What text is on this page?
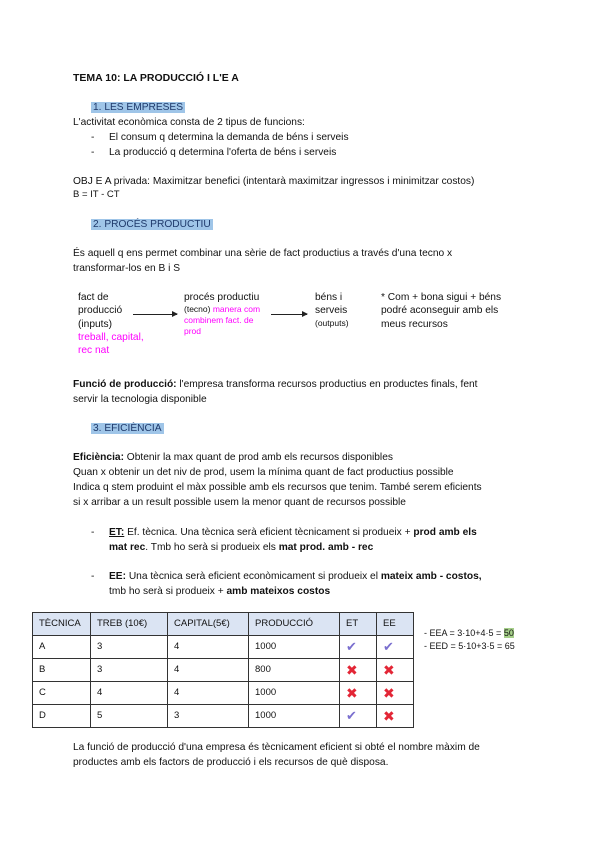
TEMA 10: LA PRODUCCIÓ I L'E A
1. LES EMPRESES
L'activitat econòmica consta de 2 tipus de funcions:
- El consum q determina la demanda de béns i serveis
- La producció q determina l'oferta de béns i serveis
OBJ E A privada: Maximitzar benefici (intentarà maximitzar ingressos i minimitzar costos)
B = IT - CT
2. PROCÉS PRODUCTIU
És aquell q ens permet combinar una sèrie de fact productius a través d'una tecno x
transformar-los en B i S
fact de
producció
(inputs)
treball, capital,
rec nat
procés productiu
(tecno) manera com
combinem fact. de
prod
béns i
serveis
(outputs)
* Com + bona sigui + béns
podré aconseguir amb els
meus recursos
Funció de producció: l'empresa transforma recursos productius en productes finals, fent
servir la tecnologia disponible
3. EFICIÈNCIA
Eficiència: Obtenir la max quant de prod amb els recursos disponibles
Quan x obtenir un det niv de prod, usem la mínima quant de fact productius possible
Indica q stem produint el màx possible amb els recursos que tenim. També serem eficients
si x arribar a un result possible usem la menor quant de recursos possible
- ET: Ef. tècnica. Una tècnica serà eficient tècnicament si produeix + prod amb els
mat rec. Tmb ho serà si produeix els mat prod. amb - rec
- EE: Una tècnica serà eficient econòmicament si produeix el mateix amb - costos,
tmb ho serà si produeix + amb mateixos costos
TÈCNICA	TREB (10€)	CAPITAL(5€)	PRODUCCIÓ	ET	EE
A	3	4	1000	✔	✔
B	3	4	800	✖	✖
C	4	4	1000	✖	✖
D	5	3	1000	✔	✖
- EEA = 3·10+4·5 = 50
- EED = 5·10+3·5 = 65
La funció de producció d'una empresa és tècnicament eficient si obté el nombre màxim de
productes amb els factors de producció i els recursos de què disposa.
